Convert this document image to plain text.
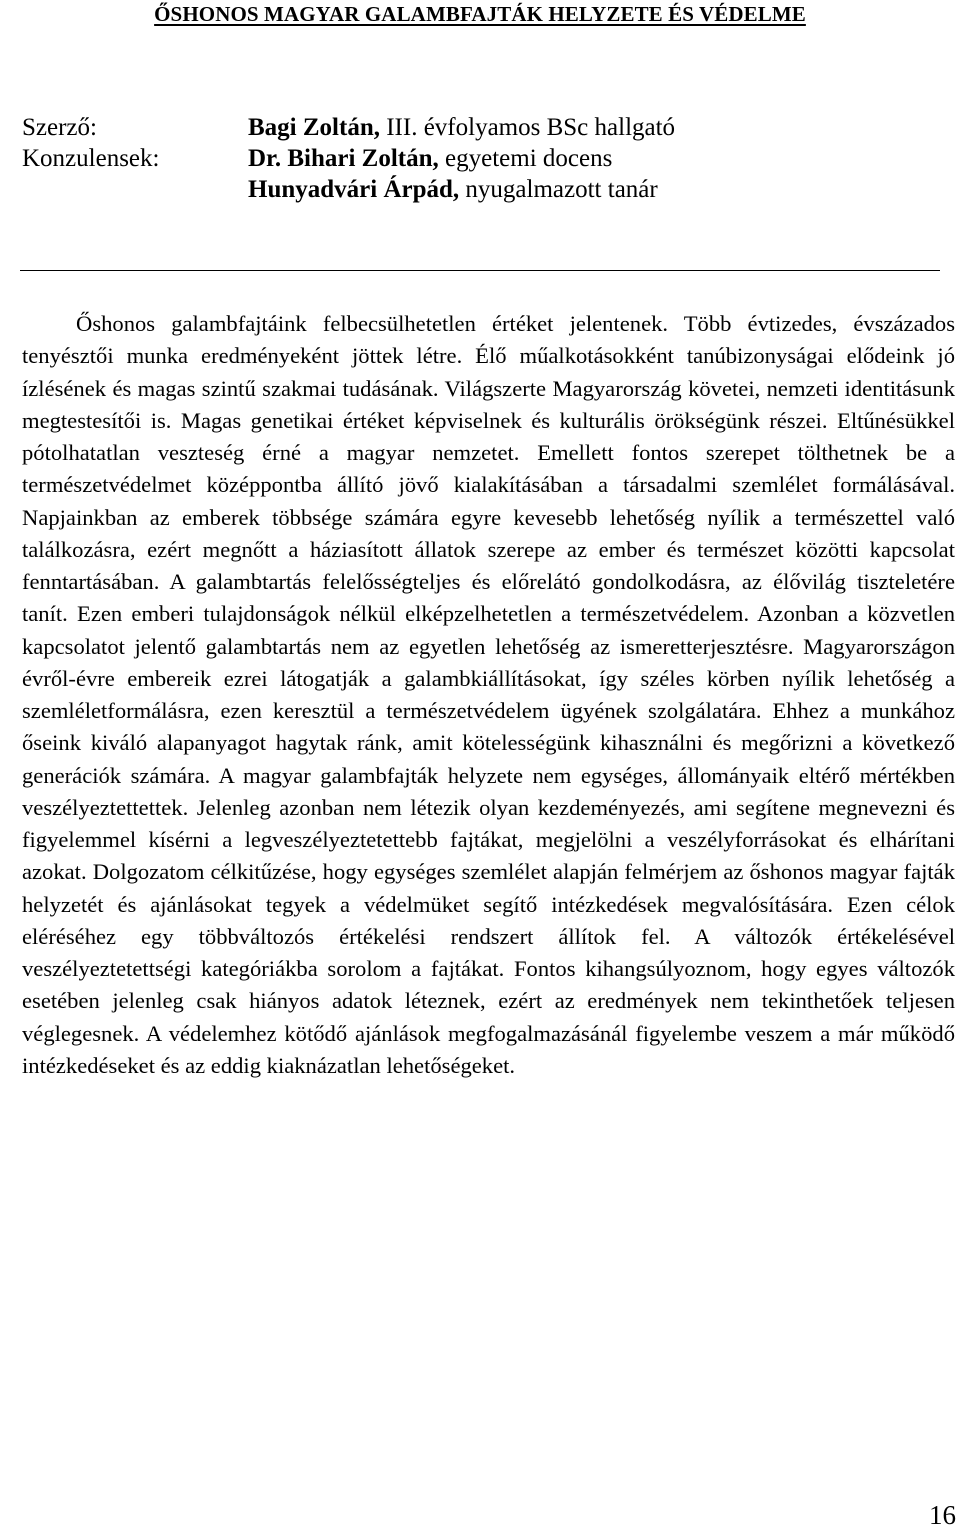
ŐSHONOS MAGYAR GALAMBFAJTÁK HELYZETE ÉS VÉDELME
Szerző:	Bagi Zoltán, III. évfolyamos BSc hallgató
Konzulensek:	Dr. Bihari Zoltán, egyetemi docens
Hunyadvári Árpád, nyugalmazott tanár

Őshonos galambfajtáink felbecsülhetetlen értéket jelentenek. Több évtizedes, évszázados tenyésztői munka eredményeként jöttek létre. Élő műalkotásokként tanúbizonyságai elődeink jó ízlésének és magas szintű szakmai tudásának. Világszerte Magyarország követei, nemzeti identitásunk megtestesítői is. Magas genetikai értéket képviselnek és kulturális örökségünk részei. Eltűnésükkel pótolhatatlan veszteség érné a magyar nemzetet. Emellett fontos szerepet tölthetnek be a természetvédelmet középpontba állító jövő kialakításában a társadalmi szemlélet formálásával. Napjainkban az emberek többsége számára egyre kevesebb lehetőség nyílik a természettel való találkozásra, ezért megnőtt a háziasított állatok szerepe az ember és természet közötti kapcsolat fenntartásában. A galambtartás felelősségteljes és előrelátó gondolkodásra, az élővilág tiszteletére tanít. Ezen emberi tulajdonságok nélkül elképzelhetetlen a természetvédelem. Azonban a közvetlen kapcsolatot jelentő galambtartás nem az egyetlen lehetőség az ismeretterjesztésre. Magyarországon évről-évre embereik ezrei látogatják a galambkiállításokat, így széles körben nyílik lehetőség a szemléletformálásra, ezen keresztül a természetvédelem ügyének szolgálatára. Ehhez a munkához őseink kiváló alapanyagot hagytak ránk, amit kötelességünk kihasználni és megőrizni a következő generációk számára. A magyar galambfajták helyzete nem egységes, állományaik eltérő mértékben veszélyeztettettek. Jelenleg azonban nem létezik olyan kezdeményezés, ami segítene megnevezni és figyelemmel kísérni a legveszélyeztetettebb fajtákat, megjelölni a veszélyforrásokat és elhárítani azokat. Dolgozatom célkitűzése, hogy egységes szemlélet alapján felmérjem az őshonos magyar fajták helyzetét és ajánlásokat tegyek a védelmüket segítő intézkedések megvalósítására. Ezen célok eléréséhez egy többváltozós értékelési rendszert állítok fel. A változók értékelésével veszélyeztetettségi kategóriákba sorolom a fajtákat. Fontos kihangsúlyoznom, hogy egyes változók esetében jelenleg csak hiányos adatok léteznek, ezért az eredmények nem tekinthetőek teljesen véglegesnek. A védelemhez kötődő ajánlások megfogalmazásánál figyelembe veszem a már működő intézkedéseket és az eddig kiaknázatlan lehetőségeket.

16
